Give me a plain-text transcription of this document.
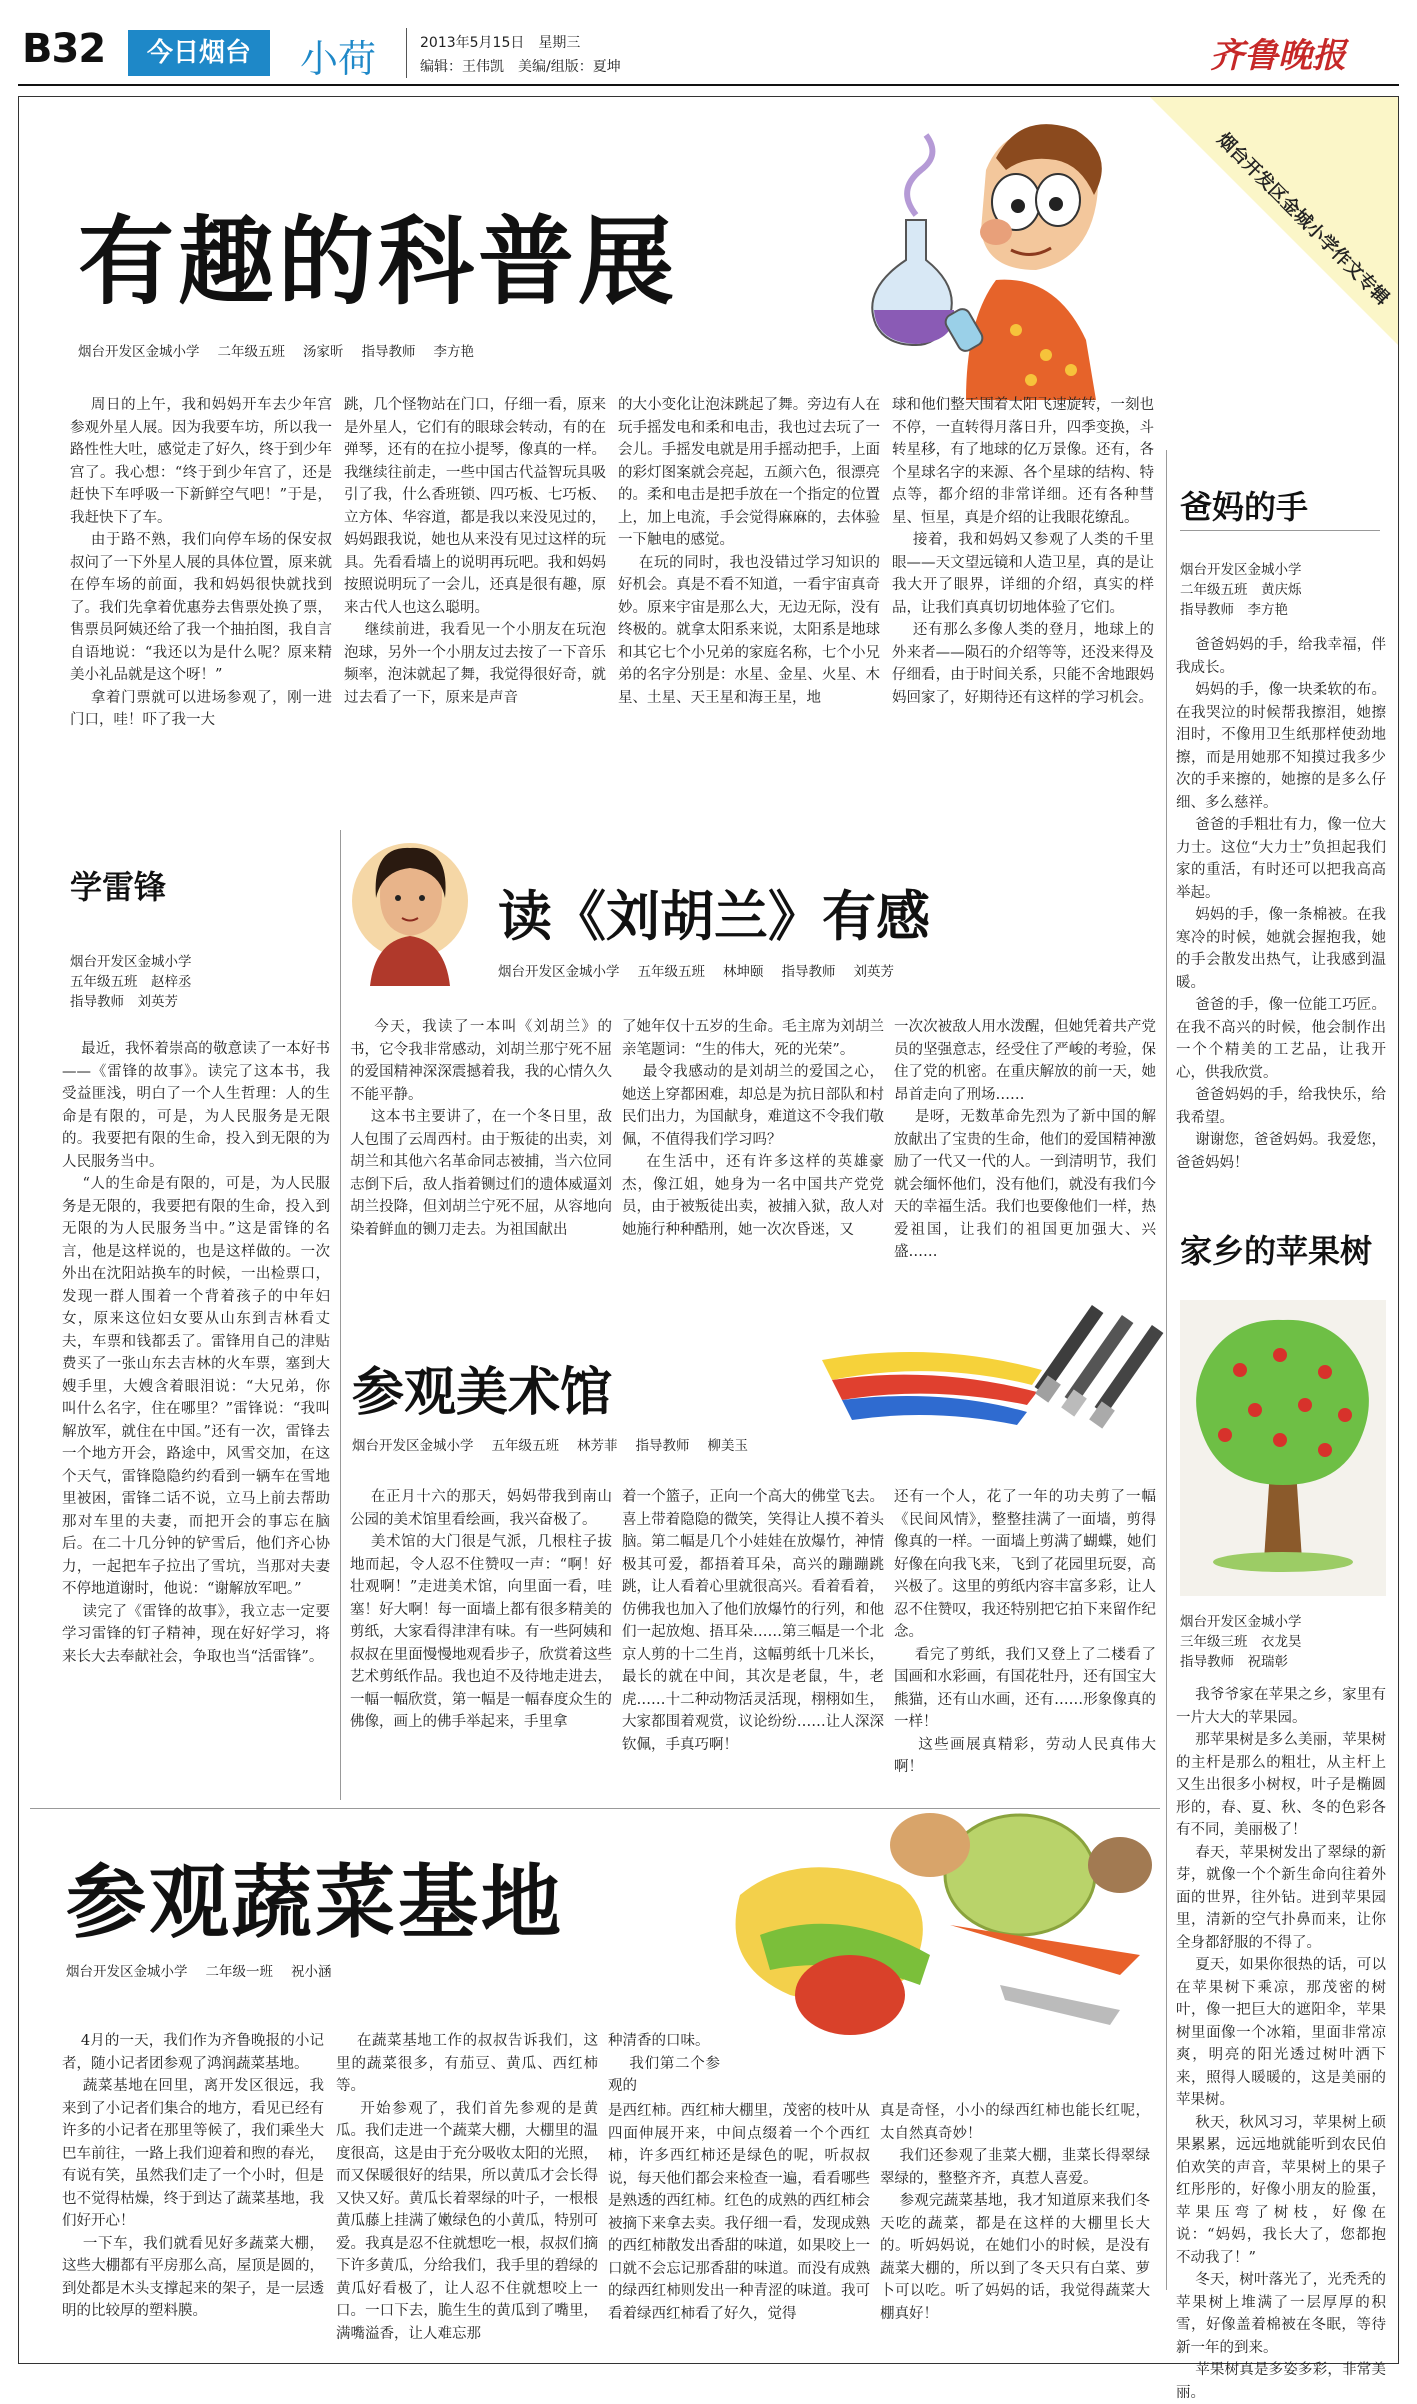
B32	今日烟台	小荷	2013年5月15日  星期三
编辑：王伟凯  美编/组版：夏坤	齐鲁晚报
烟台开发区金城小学作文专辑
有趣的科普展
烟台开发区金城小学 二年级五班 汤家昕 指导教师 李方艳
周日的上午，我和妈妈开车去少年宫参观外星人展。因为我要车坊，所以我一路性性大吐，感觉走了好久，终于到少年宫了。我心想：“终于到少年宫了，还是赶快下车呼吸一下新鲜空气吧！”于是，我赶快下了车。
由于路不熟，我们向停车场的保安叔叔问了一下外星人展的具体位置，原来就在停车场的前面，我和妈妈很快就找到了。我们先拿着优惠券去售票处换了票，售票员阿姨还给了我一个抽拍图，我自言自语地说：“我还以为是什么呢？原来精美小礼品就是这个呀！”
拿着门票就可以进场参观了，刚一进门口，哇！吓了我一大
跳，几个怪物站在门口，仔细一看，原来是外星人，它们有的眼球会转动，有的在弹琴，还有的在拉小提琴，像真的一样。我继续往前走，一些中国古代益智玩具吸引了我，什么香班锁、四巧板、七巧板、立方体、华容道，都是我以来没见过的，妈妈跟我说，她也从来没有见过这样的玩具。先看看墙上的说明再玩吧。我和妈妈按照说明玩了一会儿，还真是很有趣，原来古代人也这么聪明。
继续前进，我看见一个小朋友在玩泡泡球，另外一个小朋友过去按了一下音乐频率，泡沫就起了舞，我觉得很好奇，就过去看了一下，原来是声音
的大小变化让泡沫跳起了舞。旁边有人在玩手摇发电和柔和电击，我也过去玩了一会儿。手摇发电就是用手摇动把手，上面的彩灯图案就会亮起，五颜六色，很漂亮的。柔和电击是把手放在一个指定的位置上，加上电流，手会觉得麻麻的，去体验一下触电的感觉。
在玩的同时，我也没错过学习知识的好机会。真是不看不知道，一看宇宙真奇妙。原来宇宙是那么大，无边无际，没有终极的。就拿太阳系来说，太阳系是地球和其它七个小兄弟的家庭名称，七个小兄弟的名字分别是：水星、金星、火星、木星、土星、天王星和海王星，地
球和他们整天围着太阳飞速旋转，一刻也不停，一直转得月落日升，四季变换，斗转星移，有了地球的亿万景像。还有，各个星球名字的来源、各个星球的结构、特点等，都介绍的非常详细。还有各种彗星、恒星，真是介绍的让我眼花缭乱。
接着，我和妈妈又参观了人类的千里眼——天文望远镜和人造卫星，真的是让我大开了眼界，详细的介绍，真实的样品，让我们真真切切地体验了它们。
还有那么多像人类的登月，地球上的外来者——陨石的介绍等等，还没来得及仔细看，由于时间关系，只能不舍地跟妈妈回家了，好期待还有这样的学习机会。
学雷锋
烟台开发区金城小学
五年级五班　赵梓丞
指导教师　刘英芳
最近，我怀着崇高的敬意读了一本好书——《雷锋的故事》。读完了这本书，我受益匪浅，明白了一个人生哲理：人的生命是有限的，可是，为人民服务是无限的。我要把有限的生命，投入到无限的为人民服务当中。
“人的生命是有限的，可是，为人民服务是无限的，我要把有限的生命，投入到无限的为人民服务当中。”这是雷锋的名言，他是这样说的，也是这样做的。一次外出在沈阳站换车的时候，一出检票口，发现一群人围着一个背着孩子的中年妇女，原来这位妇女要从山东到吉林看丈夫，车票和钱都丢了。雷锋用自己的津贴费买了一张山东去吉林的火车票，塞到大嫂手里，大嫂含着眼泪说：“大兄弟，你叫什么名字，住在哪里？”雷锋说：“我叫解放军，就住在中国。”还有一次，雷锋去一个地方开会，路途中，风雪交加，在这个天气，雷锋隐隐约约看到一辆车在雪地里被困，雷锋二话不说，立马上前去帮助那对车里的夫妻，而把开会的事忘在脑后。在二十几分钟的铲雪后，他们齐心协力，一起把车子拉出了雪坑，当那对夫妻不停地道谢时，他说：“谢解放军吧。”
读完了《雷锋的故事》，我立志一定要学习雷锋的钉子精神，现在好好学习，将来长大去奉献社会，争取也当“活雷锋”。
读《刘胡兰》有感
烟台开发区金城小学 五年级五班 林坤颐 指导教师 刘英芳
今天，我读了一本叫《刘胡兰》的书，它令我非常感动，刘胡兰那宁死不屈的爱国精神深深震撼着我，我的心情久久不能平静。
这本书主要讲了，在一个冬日里，敌人包围了云周西村。由于叛徒的出卖，刘胡兰和其他六名革命同志被捕，当六位同志倒下后，敌人指着铡过们的遗体威逼刘胡兰投降，但刘胡兰宁死不屈，从容地向染着鲜血的铡刀走去。为祖国献出
了她年仅十五岁的生命。毛主席为刘胡兰亲笔题词：“生的伟大，死的光荣”。
最令我感动的是刘胡兰的爱国之心，她送上穿都困难，却总是为抗日部队和村民们出力，为国献身，难道这不令我们敬佩，不值得我们学习吗？
在生活中，还有许多这样的英雄豪杰，像江姐，她身为一名中国共产党党员，由于被叛徒出卖，被捕入狱，敌人对她施行种种酷刑，她一次次昏迷，又
一次次被敌人用水泼醒，但她凭着共产党员的坚强意志，经受住了严峻的考验，保住了党的机密。在重庆解放的前一天，她昂首走向了刑场……
是呀，无数革命先烈为了新中国的解放献出了宝贵的生命，他们的爱国精神激励了一代又一代的人。一到清明节，我们就会缅怀他们，没有他们，就没有我们今天的幸福生活。我们也要像他们一样，热爱祖国，让我们的祖国更加强大、兴盛……
参观美术馆
烟台开发区金城小学 五年级五班 林芳菲 指导教师 柳美玉
在正月十六的那天，妈妈带我到南山公园的美术馆里看绘画，我兴奋极了。
美术馆的大门很是气派，几根柱子拔地而起，令人忍不住赞叹一声：“啊！好壮观啊！”走进美术馆，向里面一看，哇塞！好大啊！每一面墙上都有很多精美的剪纸，大家看得津津有味。有一些阿姨和叔叔在里面慢慢地观看步子，欣赏着这些艺术剪纸作品。我也迫不及待地走进去，一幅一幅欣赏，第一幅是一幅春度众生的佛像，画上的佛手举起来，手里拿
着一个篮子，正向一个高大的佛堂飞去。喜上带着隐隐的微笑，笑得让人摸不着头脑。第二幅是几个小娃娃在放爆竹，神情极其可爱，都捂着耳朵，高兴的蹦蹦跳跳，让人看着心里就很高兴。看着看着，仿佛我也加入了他们放爆竹的行列，和他们一起放炮、捂耳朵……第三幅是一个北京人剪的十二生肖，这幅剪纸十几米长，最长的就在中间，其次是老鼠，牛，老虎……十二种动物活灵活现，栩栩如生，大家都围着观赏，议论纷纷……让人深深钦佩，手真巧啊！
还有一个人，花了一年的功夫剪了一幅《民间风情》，整整挂满了一面墙，剪得像真的一样。一面墙上剪满了蝴蝶，她们好像在向我飞来，飞到了花园里玩耍，高兴极了。这里的剪纸内容丰富多彩，让人忍不住赞叹，我还特别把它拍下来留作纪念。
看完了剪纸，我们又登上了二楼看了国画和水彩画，有国花牡丹，还有国宝大熊猫，还有山水画，还有……形象像真的一样！
这些画展真精彩，劳动人民真伟大啊！
参观蔬菜基地
烟台开发区金城小学 二年级一班 祝小涵
4月的一天，我们作为齐鲁晚报的小记者，随小记者团参观了鸿润蔬菜基地。
蔬菜基地在回里，离开发区很远，我来到了小记者们集合的地方，看见已经有许多的小记者在那里等候了，我们乘坐大巴车前往，一路上我们迎着和煦的春光，有说有笑，虽然我们走了一个小时，但是也不觉得枯燥，终于到达了蔬菜基地，我们好开心！
一下车，我们就看见好多蔬菜大棚，这些大棚都有平房那么高，屋顶是圆的，到处都是木头支撑起来的架子，是一层透明的比较厚的塑料膜。
在蔬菜基地工作的叔叔告诉我们，这里的蔬菜很多，有茄豆、黄瓜、西红柿等。
开始参观了，我们首先参观的是黄瓜。我们走进一个蔬菜大棚，大棚里的温度很高，这是由于充分吸收太阳的光照，而又保暖很好的结果，所以黄瓜才会长得又快又好。黄瓜长着翠绿的叶子，一根根黄瓜藤上挂满了嫩绿色的小黄瓜，特别可爱。我真是忍不住就想吃一根，叔叔们摘下许多黄瓜，分给我们，我手里的碧绿的黄瓜好看极了，让人忍不住就想咬上一口。一口下去，脆生生的黄瓜到了嘴里，满嘴溢香，让人难忘那
种清香的口味。
我们第二个参观的
是西红柿。西红柿大棚里，茂密的枝叶从四面伸展开来，中间点缀着一个个西红柿，许多西红柿还是绿色的呢，听叔叔说，每天他们都会来检查一遍，看看哪些是熟透的西红柿。红色的成熟的西红柿会被摘下来拿去卖。我仔细一看，发现成熟的西红柿散发出香甜的味道，如果咬上一口就不会忘记那香甜的味道。而没有成熟的绿西红柿则发出一种青涩的味道。我可看着绿西红柿看了好久，觉得
真是奇怪，小小的绿西红柿也能长红呢，太自然真奇妙！
我们还参观了韭菜大棚，韭菜长得翠绿翠绿的，整整齐齐，真惹人喜爱。
参观完蔬菜基地，我才知道原来我们冬天吃的蔬菜，都是在这样的大棚里长大的。听妈妈说，在她们小的时候，是没有蔬菜大棚的，所以到了冬天只有白菜、萝卜可以吃。听了妈妈的话，我觉得蔬菜大棚真好！
爸妈的手
烟台开发区金城小学
二年级五班　黄庆烁
指导教师　李方艳
爸爸妈妈的手，给我幸福，伴我成长。
妈妈的手，像一块柔软的布。在我哭泣的时候帮我擦泪，她擦泪时，不像用卫生纸那样使劲地擦，而是用她那不知摸过我多少次的手来擦的，她擦的是多么仔细、多么慈祥。
爸爸的手粗壮有力，像一位大力士。这位“大力士”负担起我们家的重活，有时还可以把我高高举起。
妈妈的手，像一条棉被。在我寒冷的时候，她就会握抱我，她的手会散发出热气，让我感到温暖。
爸爸的手，像一位能工巧匠。在我不高兴的时候，他会制作出一个个精美的工艺品，让我开心，供我欣赏。
爸爸妈妈的手，给我快乐，给我希望。
谢谢您，爸爸妈妈。我爱您，爸爸妈妈！
家乡的苹果树
烟台开发区金城小学
三年级三班　衣龙昊
指导教师　祝瑞彰
我爷爷家在苹果之乡，家里有一片大大的苹果园。
那苹果树是多么美丽，苹果树的主杆是那么的粗壮，从主杆上又生出很多小树杈，叶子是椭圆形的，春、夏、秋、冬的色彩各有不同，美丽极了！
春天，苹果树发出了翠绿的新芽，就像一个个新生命向往着外面的世界，往外钻。进到苹果园里，清新的空气扑鼻而来，让你全身都舒服的不得了。
夏天，如果你很热的话，可以在苹果树下乘凉，那茂密的树叶，像一把巨大的遮阳伞，苹果树里面像一个冰箱，里面非常凉爽，明亮的阳光透过树叶洒下来，照得人暖暖的，这是美丽的苹果树。
秋天，秋风习习，苹果树上硕果累累，远远地就能听到农民伯伯欢笑的声音，苹果树上的果子红彤彤的，好像小朋友的脸蛋，苹果压弯了树枝，好像在说：“妈妈，我长大了，您都抱不动我了！”
冬天，树叶落光了，光秃秃的苹果树上堆满了一层厚厚的积雪，好像盖着棉被在冬眠，等待新一年的到来。
苹果树真是多姿多彩，非常美丽。
